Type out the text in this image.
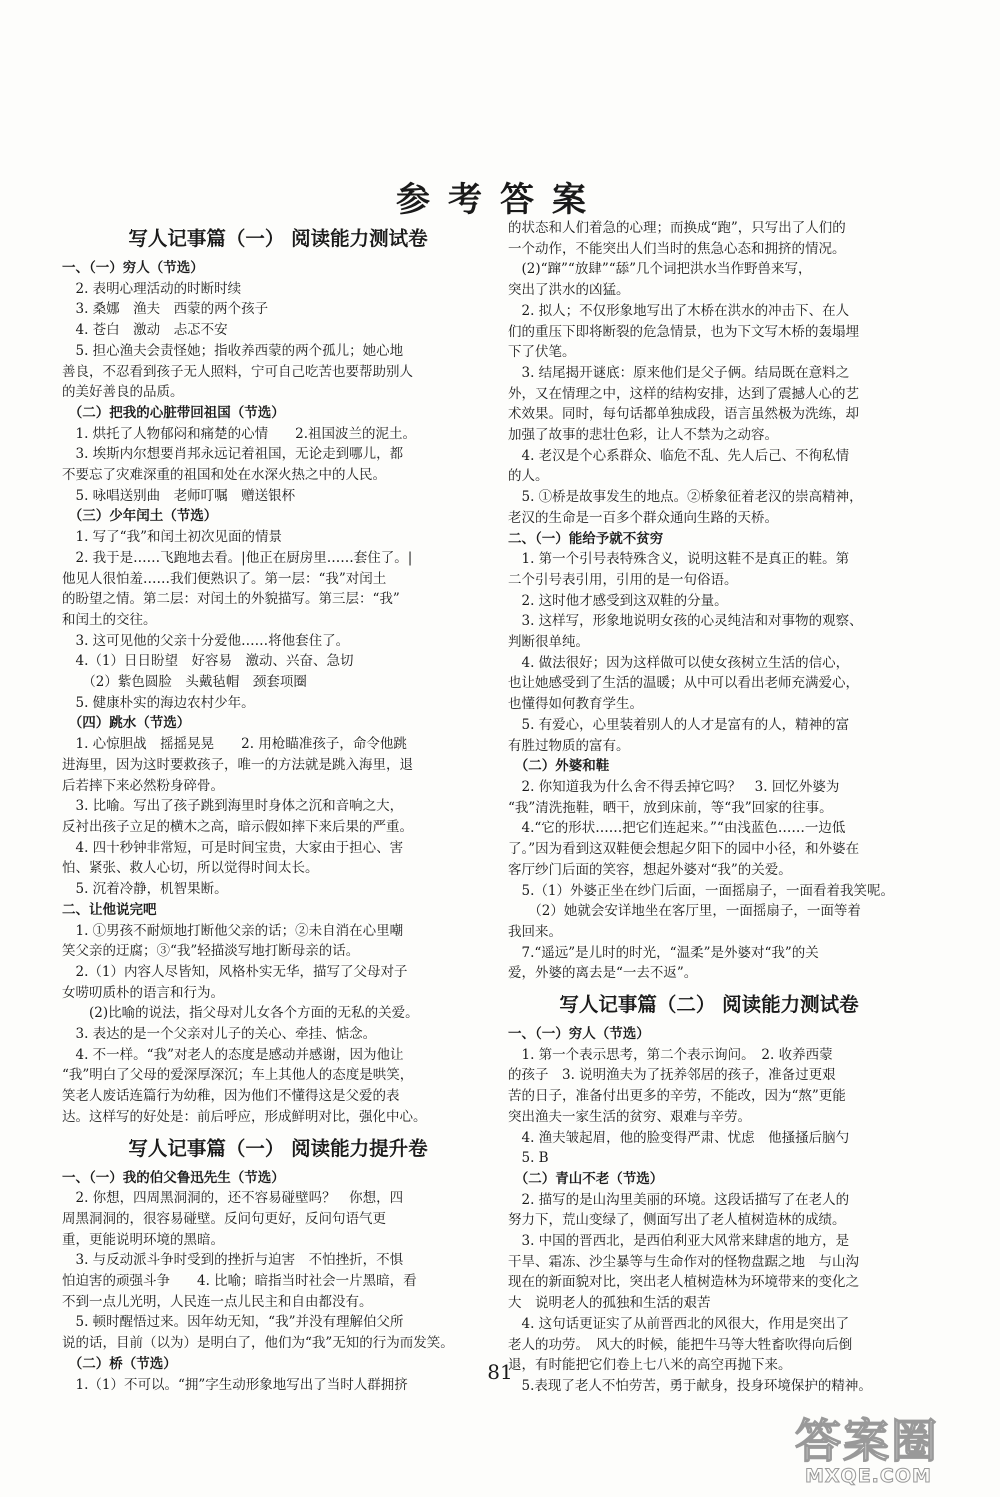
参考答案
写人记事篇（一） 阅读能力测试卷
一、（一）穷人（节选）
　2. 表明心理活动的时断时续
　3. 桑娜　渔夫　西蒙的两个孩子
　4. 苍白　激动　忐忑不安
　5. 担心渔夫会责怪她；指收养西蒙的两个孤儿；她心地
善良，不忍看到孩子无人照料，宁可自己吃苦也要帮助别人
的美好善良的品质。
　（二）把我的心脏带回祖国（节选）
　1. 烘托了人物郁闷和痛楚的心情　　2.祖国波兰的泥土。
　3. 埃斯内尔想要肖邦永远记着祖国，无论走到哪儿，都
不要忘了灾难深重的祖国和处在水深火热之中的人民。
　5. 咏唱送别曲　老师叮嘱　赠送银杯
　（三）少年闰土（节选）
　1. 写了“我”和闰土初次见面的情景
　2. 我于是……飞跑地去看。|他正在厨房里……套住了。|
他见人很怕羞……我们便熟识了。第一层：“我”对闰土
的盼望之情。第二层：对闰土的外貌描写。第三层：“我”
和闰土的交往。
　3. 这可见他的父亲十分爱他……将他套住了。
　4.（1）日日盼望　好容易　激动、兴奋、急切
　　（2）紫色圆脸　头戴毡帽　颈套项圈
　5. 健康朴实的海边农村少年。
　（四）跳水（节选）
　1. 心惊胆战　摇摇晃晃　　2. 用枪瞄准孩子，命令他跳
进海里，因为这时要救孩子，唯一的方法就是跳入海里，退
后若摔下来必然粉身碎骨。
　3. 比喻。写出了孩子跳到海里时身体之沉和音响之大，
反衬出孩子立足的横木之高，暗示假如摔下来后果的严重。
　4. 四十秒钟非常短，可是时间宝贵，大家由于担心、害
怕、紧张、救人心切，所以觉得时间太长。
　5. 沉着冷静，机智果断。
二、让他说完吧
　1. ①男孩不耐烦地打断他父亲的话；②未自消在心里嘲
笑父亲的迂腐；③“我”轻描淡写地打断母亲的话。
　2.（1）内容人尽皆知，风格朴实无华，描写了父母对子
女唠叨质朴的语言和行为。
　　(2)比喻的说法，指父母对儿女各个方面的无私的关爱。
　3. 表达的是一个父亲对儿子的关心、牵挂、惦念。
　4. 不一样。“我”对老人的态度是感动并感谢，因为他让
“我”明白了父母的爱深厚深沉；车上其他人的态度是哄笑，
笑老人废话连篇行为幼稚，因为他们不懂得这是父爱的表
达。这样写的好处是：前后呼应，形成鲜明对比，强化中心。
写人记事篇（一） 阅读能力提升卷
一、（一）我的伯父鲁迅先生（节选）
　2. 你想，四周黑洞洞的，还不容易碰壁吗？　你想，四
周黑洞洞的，很容易碰壁。反问句更好，反问句语气更
重，更能说明环境的黑暗。
　3. 与反动派斗争时受到的挫折与迫害　不怕挫折，不惧
怕迫害的顽强斗争　　4. 比喻；暗指当时社会一片黑暗，看
不到一点儿光明，人民连一点儿民主和自由都没有。
　5. 顿时醒悟过来。因年幼无知，“我”并没有理解伯父所
说的话，目前（以为）是明白了，他们为“我”无知的行为而发笑。
　（二）桥（节选）
　1.（1）不可以。“拥”字生动形象地写出了当时人群拥挤
的状态和人们着急的心理；而换成“跑”，只写出了人们的
一个动作，不能突出人们当时的焦急心态和拥挤的情况。
　(2)“蹿”“放肆”“舔”几个词把洪水当作野兽来写，
突出了洪水的凶猛。
　2. 拟人；不仅形象地写出了木桥在洪水的冲击下、在人
们的重压下即将断裂的危急情景，也为下文写木桥的轰塌埋
下了伏笔。
　3. 结尾揭开谜底：原来他们是父子俩。结局既在意料之
外，又在情理之中，这样的结构安排，达到了震撼人心的艺
术效果。同时，每句话都单独成段，语言虽然极为洗练，却
加强了故事的悲壮色彩，让人不禁为之动容。
　4. 老汉是个心系群众、临危不乱、先人后己、不徇私情
的人。
　5. ①桥是故事发生的地点。②桥象征着老汉的崇高精神，
老汉的生命是一百多个群众通向生路的天桥。
二、（一）能给予就不贫穷
　1. 第一个引号表特殊含义，说明这鞋不是真正的鞋。第
二个引号表引用，引用的是一句俗语。
　2. 这时他才感受到这双鞋的分量。
　3. 这样写，形象地说明女孩的心灵纯洁和对事物的观察、
判断很单纯。
　4. 做法很好；因为这样做可以使女孩树立生活的信心，
也让她感受到了生活的温暖；从中可以看出老师充满爱心，
也懂得如何教育学生。
　5. 有爱心，心里装着别人的人才是富有的人，精神的富
有胜过物质的富有。
　（二）外婆和鞋
　2. 你知道我为什么舍不得丢掉它吗？　3. 回忆外婆为
“我”清洗拖鞋，晒干，放到床前，等“我”回家的往事。
　4.“它的形状……把它们连起来。”“由浅蓝色……一边低
了。”因为看到这双鞋便会想起夕阳下的园中小径，和外婆在
客厅纱门后面的笑容，想起外婆对“我”的关爱。
　5.（1）外婆正坐在纱门后面，一面摇扇子，一面看着我笑呢。
　　（2）她就会安详地坐在客厅里，一面摇扇子，一面等着
我回来。
　7.“遥远”是儿时的时光，“温柔”是外婆对“我”的关
爱，外婆的离去是“一去不返”。
写人记事篇（二） 阅读能力测试卷
一、（一）穷人（节选）
　1. 第一个表示思考，第二个表示询问。　2. 收养西蒙
的孩子　3. 说明渔夫为了抚养邻居的孩子，准备过更艰
苦的日子，准备付出更多的辛劳，不能改，因为“熬”更能
突出渔夫一家生活的贫穷、艰难与辛劳。
　4. 渔夫皱起眉，他的脸变得严肃、忧虑　他搔搔后脑勺
　5. B
　（二）青山不老（节选）
　2. 描写的是山沟里美丽的环境。这段话描写了在老人的
努力下，荒山变绿了，侧面写出了老人植树造林的成绩。
　3. 中国的晋西北，是西伯利亚大风常来肆虐的地方，是
干旱、霜冻、沙尘暴等与生命作对的怪物盘踞之地　与山沟
现在的新面貌对比，突出老人植树造林为环境带来的变化之
大　说明老人的孤独和生活的艰苦
　4. 这句话更证实了从前晋西北的风很大，作用是突出了
老人的功劳。　风大的时候，能把牛马等大牲畜吹得向后倒
退，有时能把它们卷上七八米的高空再抛下来。
　5.表现了老人不怕劳苦，勇于献身，投身环境保护的精神。
81
答案圈
MXQE.COM
